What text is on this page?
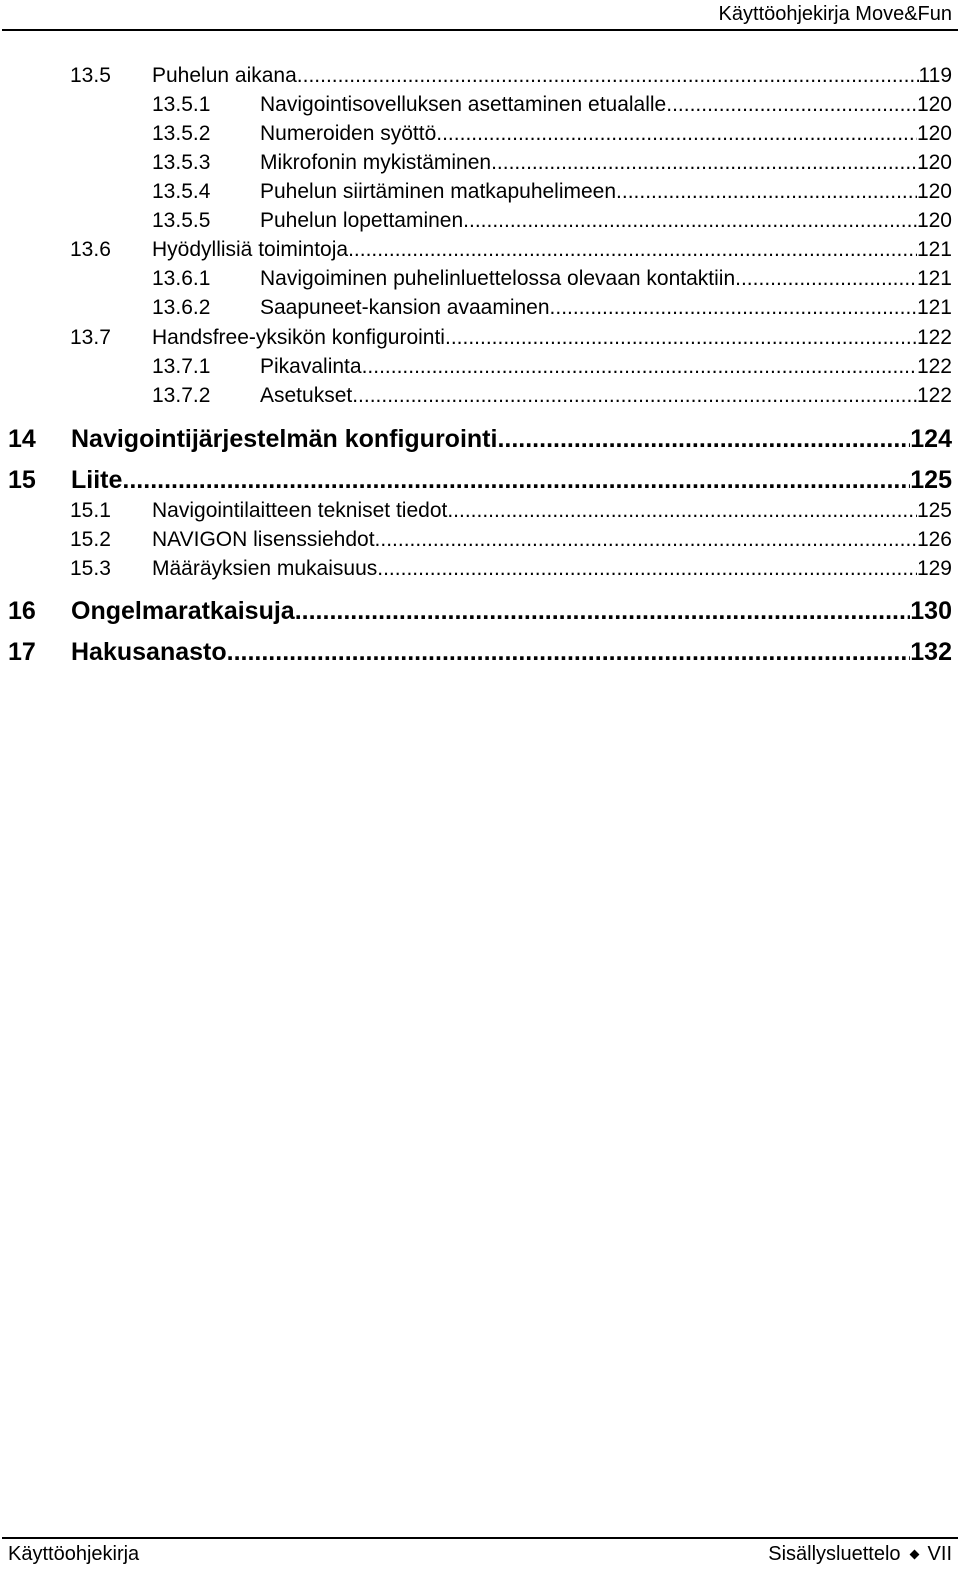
Käyttöohjekirja Move&Fun
13.5	Puhelun aikana .....	119
13.5.1	Navigointisovelluksen asettaminen etualalle .....	120
13.5.2	Numeroiden syöttö .....	120
13.5.3	Mikrofonin mykistäminen .....	120
13.5.4	Puhelun siirtäminen matkapuhelimeen .....	120
13.5.5	Puhelun lopettaminen .....	120
13.6	Hyödyllisiä toimintoja .....	121
13.6.1	Navigoiminen puhelinluettelossa olevaan kontaktiin .....	121
13.6.2	Saapuneet-kansion avaaminen .....	121
13.7	Handsfree-yksikön konfigurointi .....	122
13.7.1	Pikavalinta .....	122
13.7.2	Asetukset .....	122
14	Navigointijärjestelmän konfigurointi .....	124
15	Liite .....	125
15.1	Navigointilaitteen tekniset tiedot .....	125
15.2	NAVIGON lisenssiehdot .....	126
15.3	Määräyksien mukaisuus .....	129
16	Ongelmaratkaisuja .....	130
17	Hakusanasto .....	132
Käyttöohjekirja	Sisällysluettelo VII
